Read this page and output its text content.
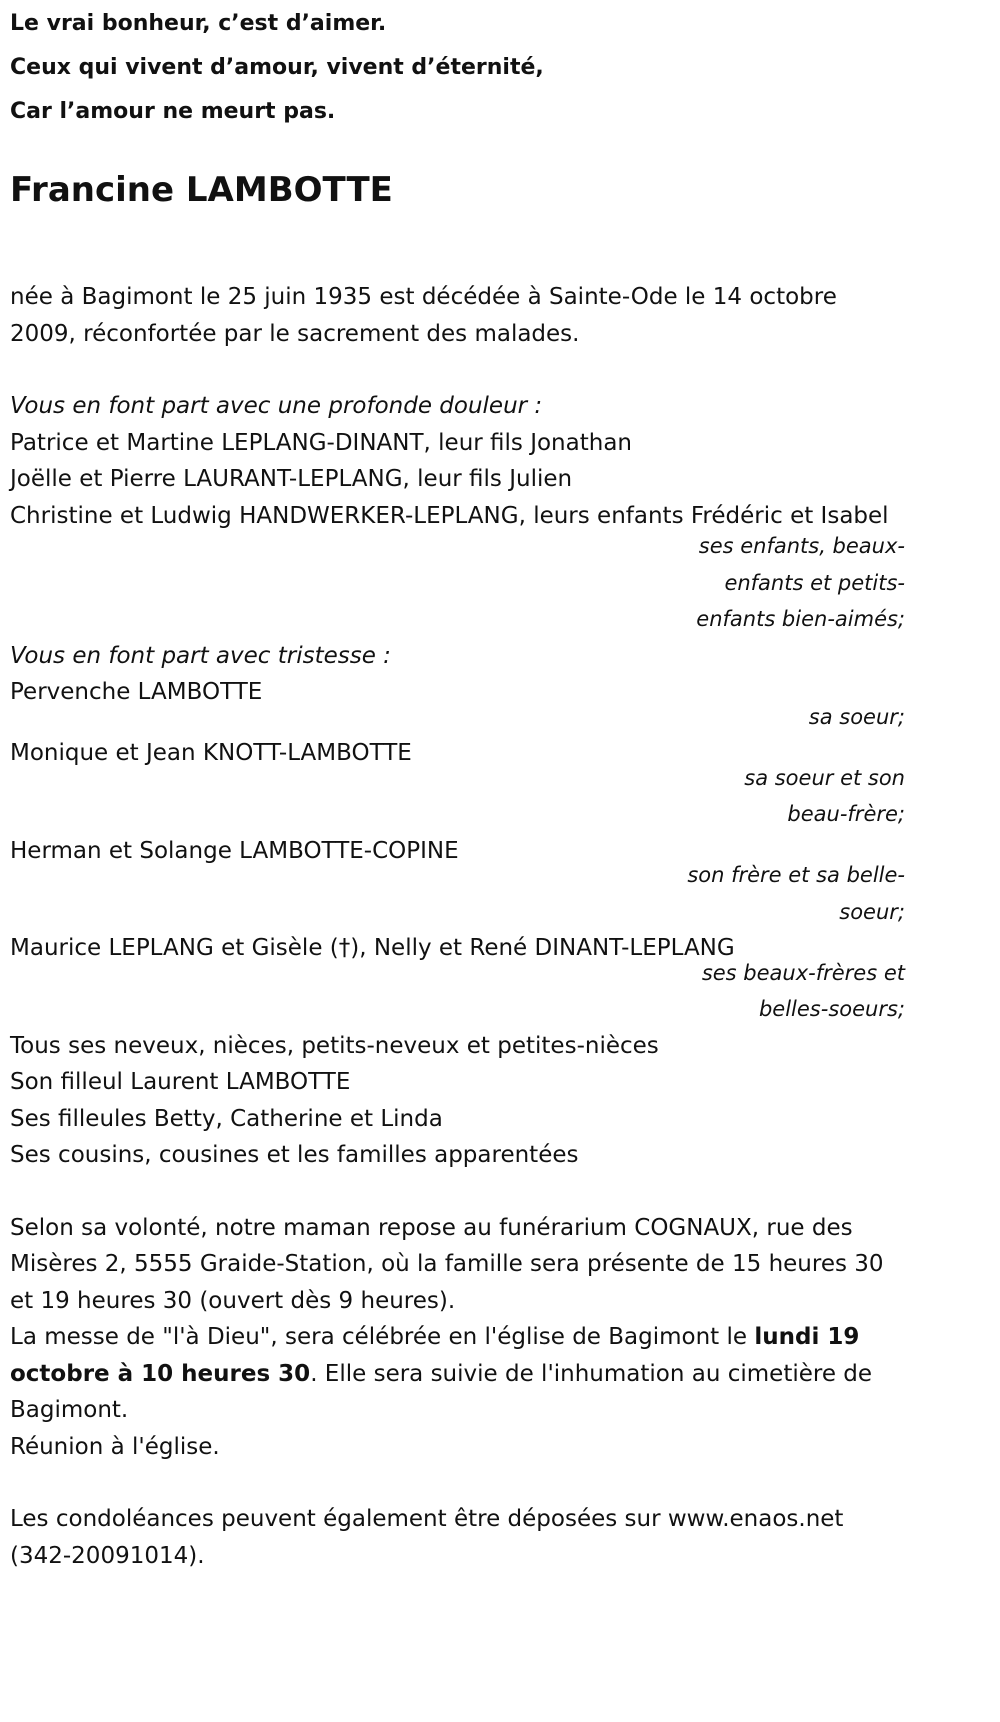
Le vrai bonheur, c’est d’aimer.
Ceux qui vivent d’amour, vivent d’éternité,
Car l’amour ne meurt pas.
Francine LAMBOTTE
née à Bagimont le 25 juin 1935 est décédée à Sainte-Ode le 14 octobre 2009, réconfortée par le sacrement des malades.
Vous en font part avec une profonde douleur :
Patrice et Martine LEPLANG-DINANT, leur fils Jonathan
Joëlle et Pierre LAURANT-LEPLANG, leur fils Julien
Christine et Ludwig HANDWERKER-LEPLANG, leurs enfants Frédéric et Isabel
ses enfants, beaux-enfants et petits-enfants bien-aimés;
Vous en font part avec tristesse :
Pervenche LAMBOTTE
sa soeur;
Monique et Jean KNOTT-LAMBOTTE
sa soeur et son beau-frère;
Herman et Solange LAMBOTTE-COPINE
son frère et sa belle-soeur;
Maurice LEPLANG et Gisèle (†), Nelly et René DINANT-LEPLANG
ses beaux-frères et belles-soeurs;
Tous ses neveux, nièces, petits-neveux et petites-nièces
Son filleul Laurent LAMBOTTE
Ses filleules Betty, Catherine et Linda
Ses cousins, cousines et les familles apparentées
Selon sa volonté, notre maman repose au funérarium COGNAUX, rue des Misères 2, 5555 Graide-Station, où la famille sera présente de 15 heures 30 et 19 heures 30 (ouvert dès 9 heures).
La messe de "l'à Dieu", sera célébrée en l'église de Bagimont le lundi 19 octobre à 10 heures 30. Elle sera suivie de l'inhumation au cimetière de Bagimont.
Réunion à l'église.
Les condoléances peuvent également être déposées sur www.enaos.net (342-20091014).
